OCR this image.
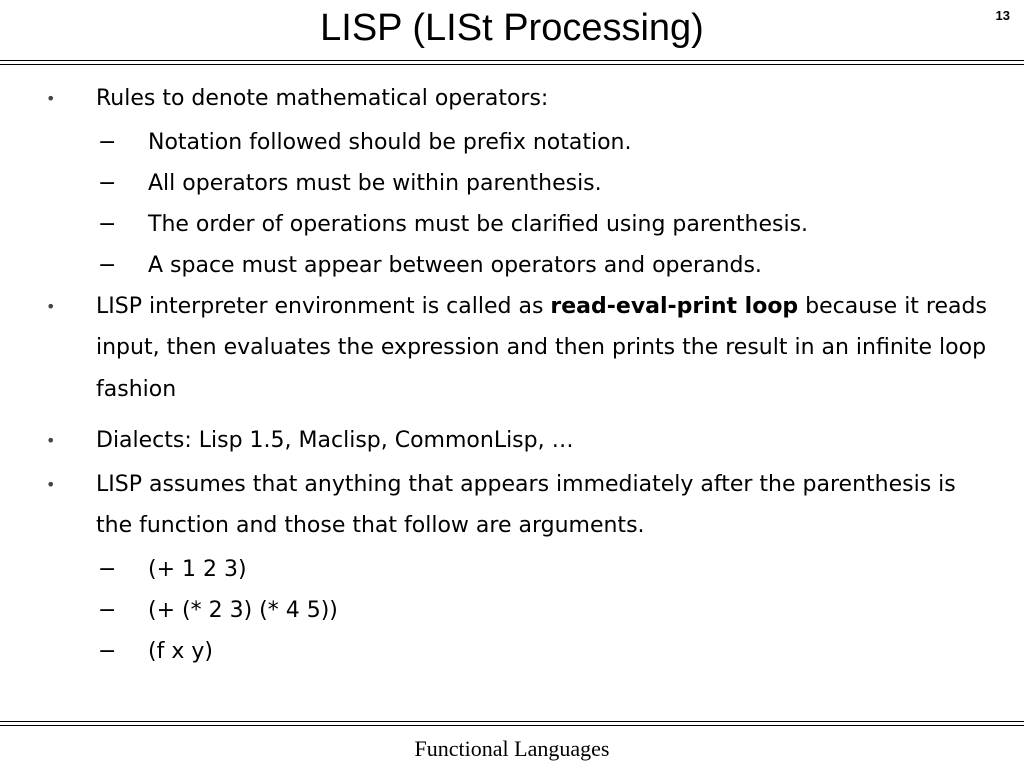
LISP (LISt Processing)	13
• Rules to denote mathematical operators:
− Notation followed should be prefix notation.
− All operators must be within parenthesis.
− The order of operations must be clarified using parenthesis.
− A space must appear between operators and operands.
• LISP interpreter environment is called as read-eval-print loop because it reads input, then evaluates the expression and then prints the result in an infinite loop fashion
• Dialects: Lisp 1.5, Maclisp, CommonLisp, …
• LISP assumes that anything that appears immediately after the parenthesis is the function and those that follow are arguments.
− (+ 1 2 3)
− (+ (* 2 3) (* 4 5))
− (f x y)
Functional Languages
